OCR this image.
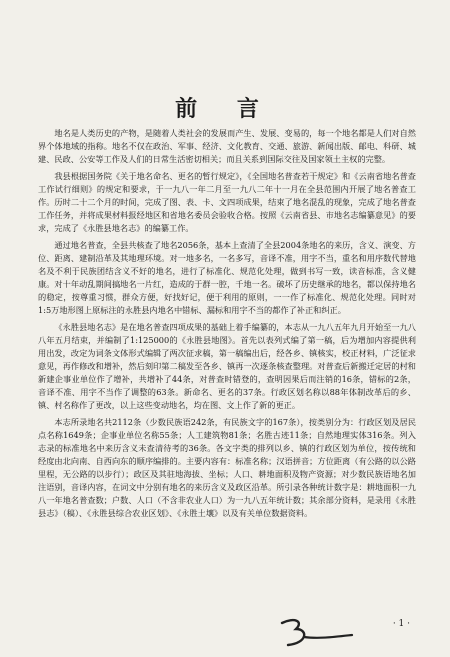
前 言

地名是人类历史的产物，是随着人类社会的发展而产生、发展、变易的，每一个地名都是人们对自然界个体地域的指称。地名不仅在政治、军事、经济、文化教育、交通、旅游、新闻出版、邮电、科研、城建、民政、公安等工作及人们的日常生活密切相关；而且关系到国际交往及国家领土主权的完整。

我县根据国务院《关于地名命名、更名的暂行规定》，《全国地名普查若干规定》和《云南省地名普查工作试行细则》的规定和要求，于一九八一年二月至一九八二年十一月在全县范围内开展了地名普查工作。历时二十二个月的时间，完成了图、表、卡、文四项成果，结束了地名混乱的现象，完成了地名普查工作任务，并将成果材料报经地区和省地名委员会验收合格。按照《云南省县、市地名志编纂意见》的要求，完成了《永胜县地名志》的编纂工作。

通过地名普查，全县共核查了地名2056条，基本上查清了全县2004条地名的来历，含义、演变、方位、距离、建制沿革及其地理环境。对一地多名，一名多写，音译不准，用字不当，重名和用序数代替地名及不利于民族团结含义不好的地名，进行了标准化、规范化处理，做到书写一致，读音标准，含义健康。对十年动乱期间搞地名一片红，造成的于群一腔，千地一名。破坏了历史继承的地名，都以保持地名的稳定，按尊重习惯，群众方便，好找好记，便于利用的原则，一一作了标准化、规范化处理。同时对1:5万地形图上原标注的永胜县内地名中错标、漏标和用字不当的都作了补正和纠正。

《永胜县地名志》是在地名普查四项成果的基础上着手编纂的，本志从一九八五年九月开始至一九八八年五月结束，并编制了1:125000的《永胜县地图》。首先以表列式编了第一稿，后为增加内容提供利用出发，改定为词条文体形式编辑了两次征求稿，第一稿编出后，经各乡、镇核实，校正材料，广泛征求意见，再作修改和增补，然后刻印第二稿发至各乡、镇再一次逐条核查整理。对普查后新搬迁定居的村和新建企事业单位作了增补，共增补了44条，对普查时错登的，查明因果后而注销的16条，错标的2条，音译不准、用字不当作了调整的63条。新命名、更名的37条。行政区划名称以88年体制改革后的乡、镇、村名称作了更改，以上这些变动地名，均在图、文上作了新的更正。

本志所录地名共2112条（少数民族语242条，有民族文字的167条），按类别分为：行政区划及居民点名称1649条；企事业单位名称55条；人工建筑物81条；名胜古迹11条；自然地理实体316条。列入志录的标准地名中来历含义未查清待考的36条。各文字类的排列以乡、镇的行政区划为单位，按传统和经度由北向南、自西向东的顺序编排的。主要内容有：标准名称；汉语拼音；方位距离（有公路的以公路里程，无公路的以步行）；政区及其驻地海拔、坐标；人口、耕地面积及物产资源；对少数民族语地名加注语别，音译内容，在词文中分别有地名的来历含义及政区沿革。所引录各种统计数字是：耕地面积一九八一年地名普查数；户数、人口（不含非农业人口）为一九八五年统计数；其余部分资料，是录用《永胜县志》（稿）、《永胜县综合农业区划》、《永胜土壤》以及有关单位数据资料。

· 1 ·
